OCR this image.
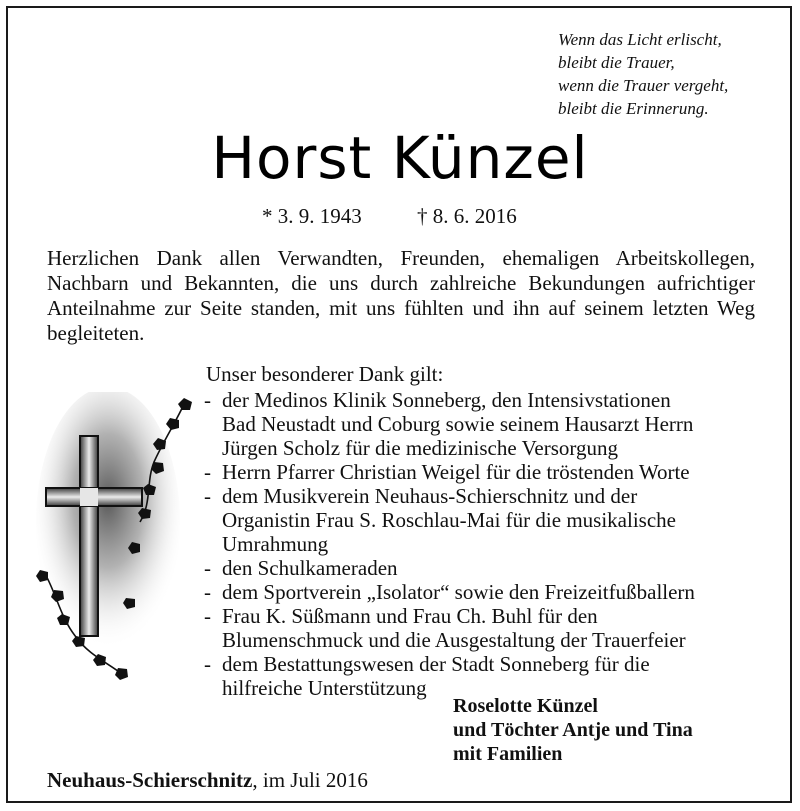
Wenn das Licht erlischt,
bleibt die Trauer,
wenn die Trauer vergeht,
bleibt die Erinnerung.
Horst Künzel
* 3. 9. 1943	† 8. 6. 2016
Herzlichen Dank allen Verwandten, Freunden, ehemaligen Arbeitskollegen, Nachbarn und Bekannten, die uns durch zahlreiche Bekundungen aufrichtiger Anteilnahme zur Seite standen, mit uns fühlten und ihn auf seinem letzten Weg begleiteten.
Unser besonderer Dank gilt:
- der Medinos Klinik Sonneberg, den Intensivstationen
Bad Neustadt und Coburg sowie seinem Hausarzt Herrn
Jürgen Scholz für die medizinische Versorgung
- Herrn Pfarrer Christian Weigel für die tröstenden Worte
- dem Musikverein Neuhaus-Schierschnitz und der
Organistin Frau S. Roschlau-Mai für die musikalische
Umrahmung
- den Schulkameraden
- dem Sportverein „Isolator“ sowie den Freizeitfußballern
- Frau K. Süßmann und Frau Ch. Buhl für den
Blumenschmuck und die Ausgestaltung der Trauerfeier
- dem Bestattungswesen der Stadt Sonneberg für die
hilfreiche Unterstützung
Roselotte Künzel
und Töchter Antje und Tina
mit Familien
Neuhaus-Schierschnitz, im Juli 2016
